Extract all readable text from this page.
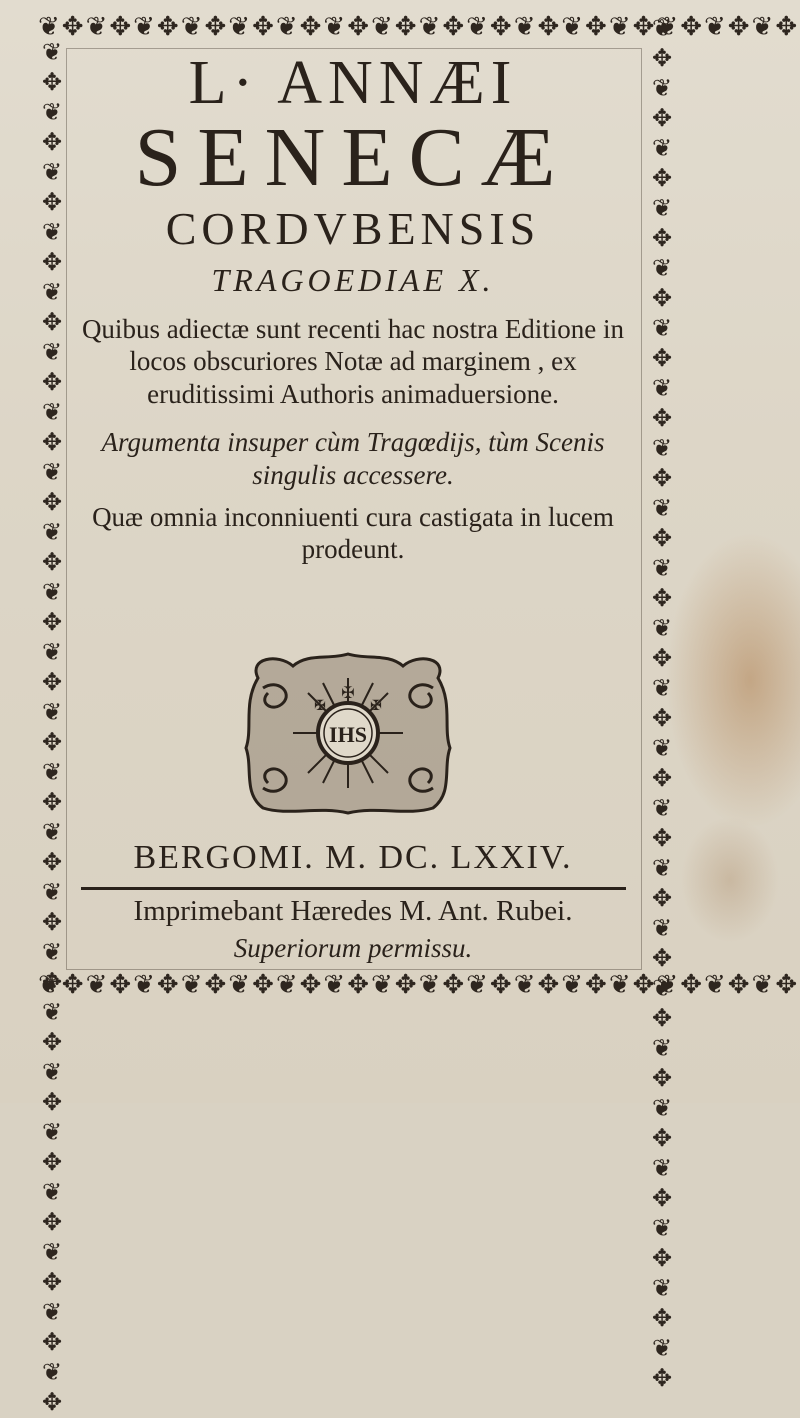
❦✥❦✥❦✥❦✥❦✥❦✥❦✥❦✥❦✥❦✥❦✥❦✥❦✥❦✥❦✥❦✥
❦✥❦✥❦✥❦✥❦✥❦✥❦✥❦✥❦✥❦✥❦✥❦✥❦✥❦✥❦✥❦✥
❦✥❦✥❦✥❦✥❦✥❦✥❦✥❦✥❦✥❦✥❦✥❦✥❦✥❦✥❦✥❦✥❦✥❦✥❦✥❦✥❦✥❦✥❦✥	❦✥❦✥❦✥❦✥❦✥❦✥❦✥❦✥❦✥❦✥❦✥❦✥❦✥❦✥❦✥❦✥❦✥❦✥❦✥❦✥❦✥❦✥❦✥
L· ANNÆI
SENECÆ
CORDVBENSIS
TRAGOEDIAE X.
Quibus adiectæ sunt recenti hac nostra Editione in locos obscuriores Notæ ad marginem , ex eruditissimi Authoris animaduersione.
Argumenta insuper cùm Tragœdijs, tùm Scenis singulis accessere.
Quæ omnia inconniuenti cura castigata in lucem prodeunt.
✠
✠	✠
IHS
BERGOMI. M. DC. LXXIV.
Imprimebant Hæredes M. Ant. Rubei.
Superiorum permissu.
